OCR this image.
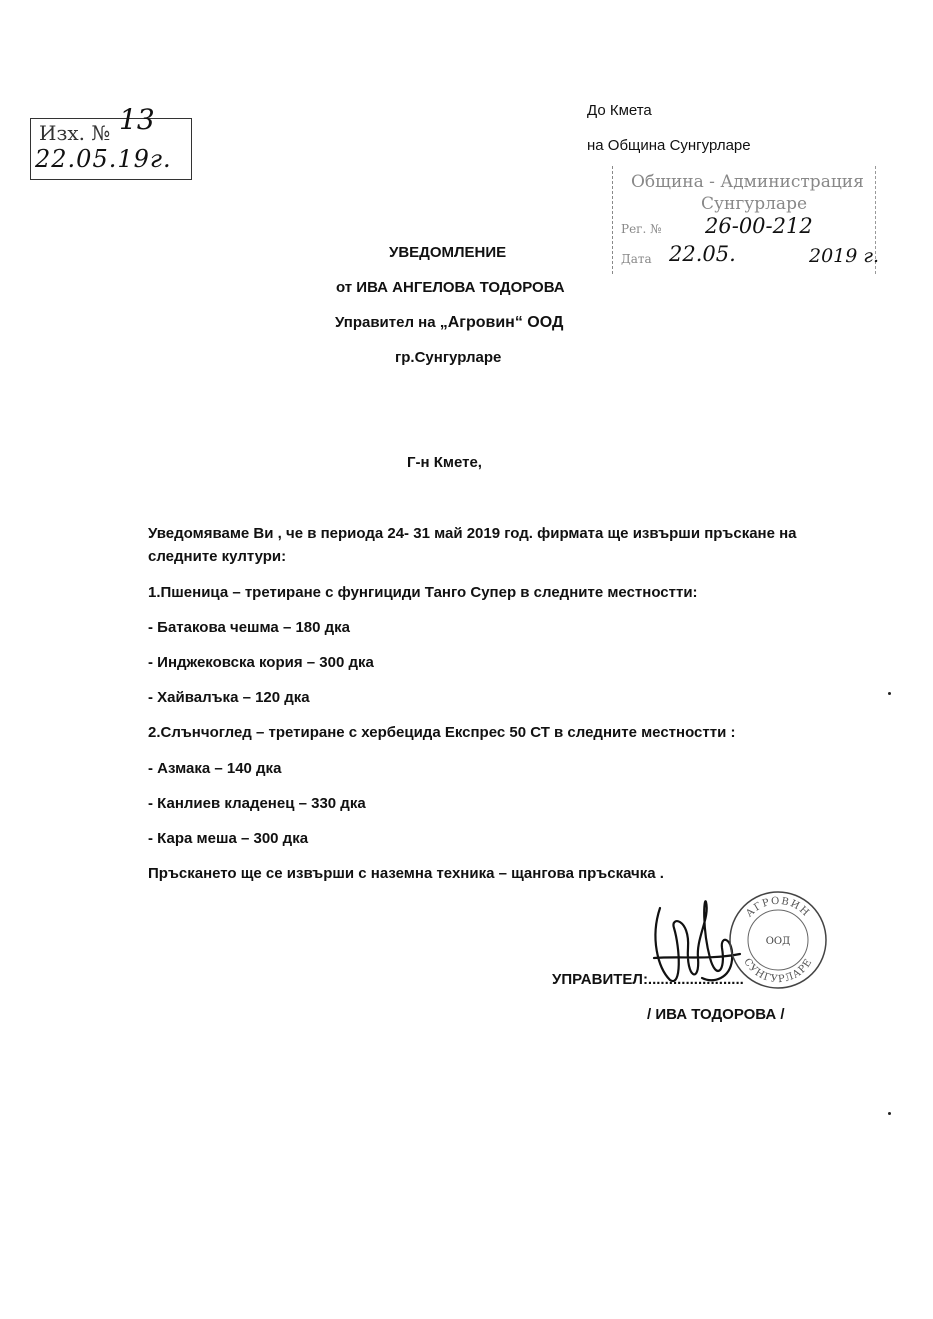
Изх. № 13
22.05.19г.
До Кмета
на Община Сунгурларе
Община - Администрация
Сунгурларе
Рег. № 26-00-212
Дата 22.05.	2019 г.
УВЕДОМЛЕНИЕ
от ИВА АНГЕЛОВА ТОДОРОВА
Управител на „Агровин“ ООД
гр.Сунгурларе
Г-н Кмете,
Уведомяваме Ви , че в периода 24- 31 май 2019 год. фирмата ще извърши пръскане на
следните култури:
1.Пшеница – третиране с фунгициди Танго Супер в следните местностти:
- Батакова чешма – 180 дка
- Инджековска кория – 300 дка
- Хайвалъка – 120 дка
2.Слънчоглед – третиране с хербецида Експрес 50 СТ в следните местностти :
- Азмака – 140 дка
- Канлиев кладенец – 330 дка
- Кара меша – 300 дка
Пръскането ще се извърши с наземна техника – щангова пръскачка .
УПРАВИТЕЛ:.......................
/ ИВА ТОДОРОВА /
АГРОВИН
СУНГУРЛАРЕ
ООД
